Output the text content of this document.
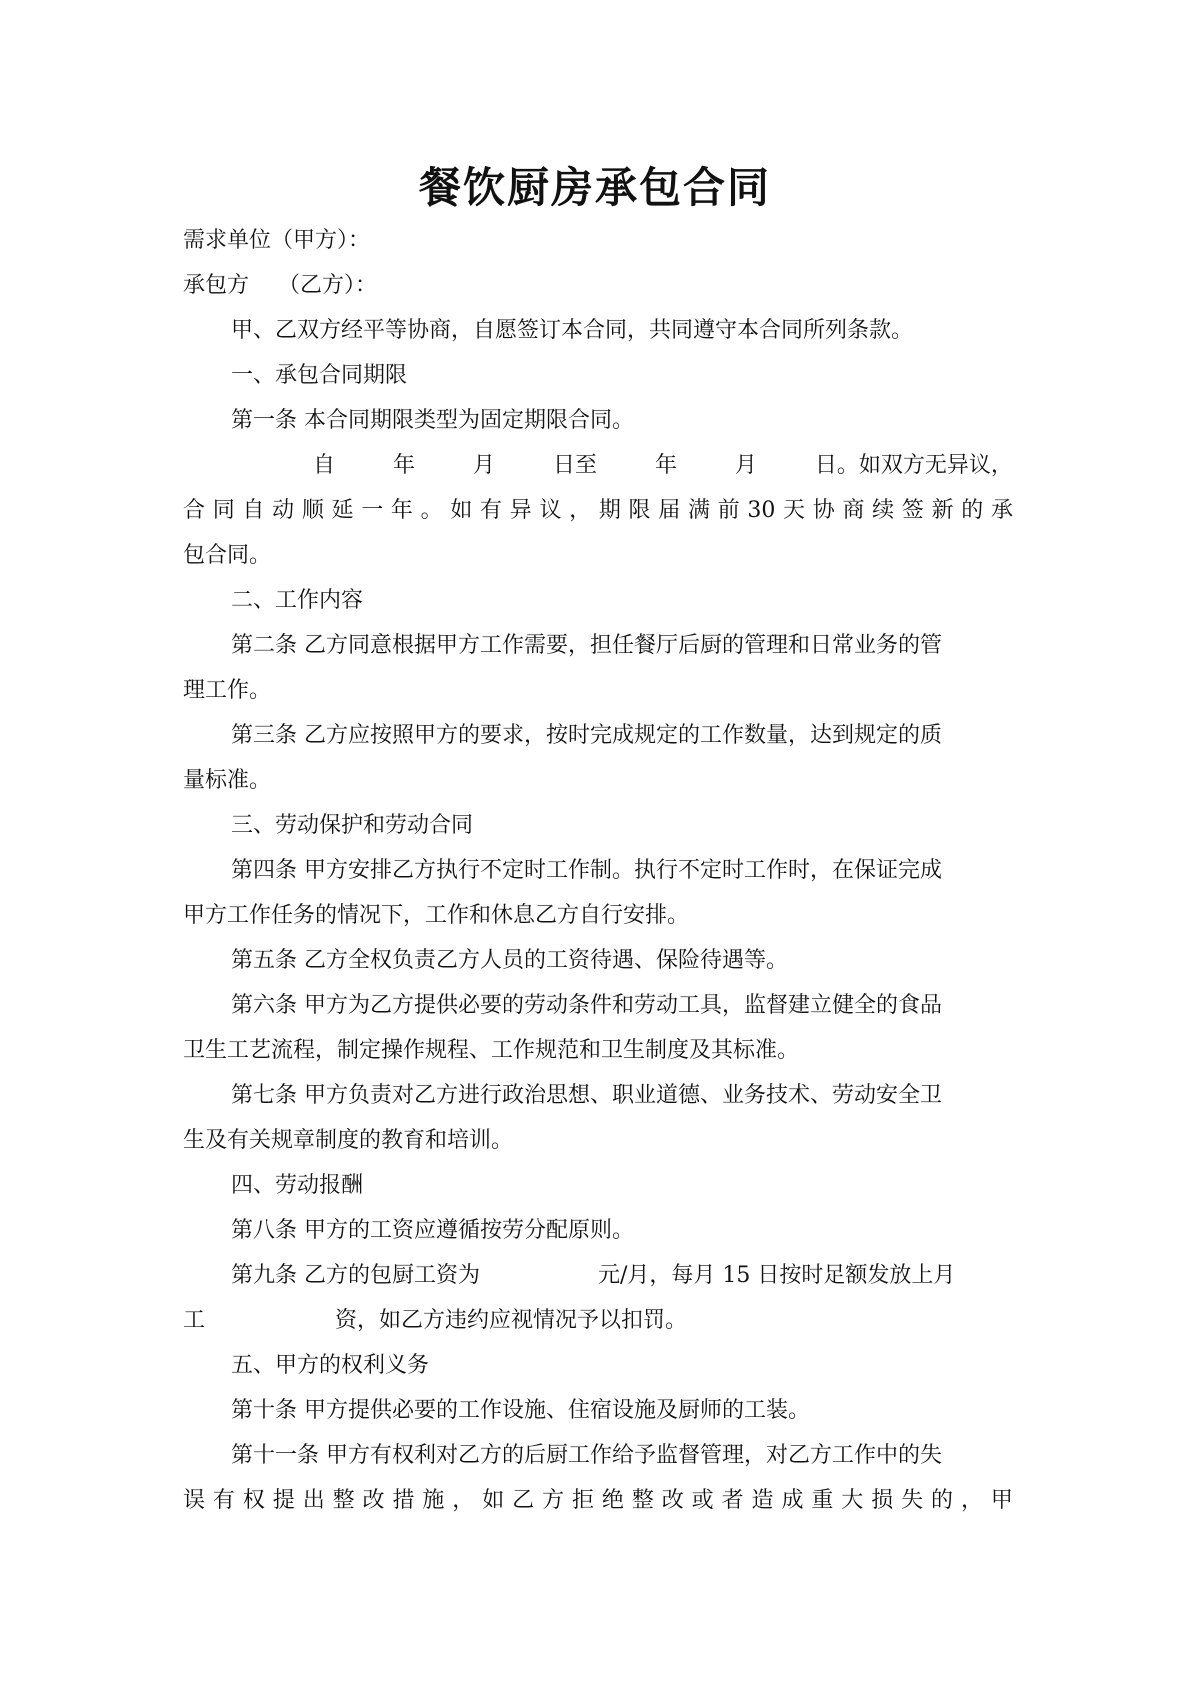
餐饮厨房承包合同

需求单位（甲方）：

承包方　 （乙方）：

甲、乙双方经平等协商，自愿签订本合同，共同遵守本合同所列条款。

一、承包合同期限

第一条 本合同期限类型为固定期限合同。

自	年	月	日至	年	月	日。如双方无异议，

合 同 自 动 顺 延 一 年 。 如 有 异 议 ， 期 限 届 满 前 30 天 协 商 续 签 新 的 承

包合同。

二、工作内容

第二条 乙方同意根据甲方工作需要，担任餐厅后厨的管理和日常业务的管

理工作。

第三条 乙方应按照甲方的要求，按时完成规定的工作数量，达到规定的质

量标准。

三、劳动保护和劳动合同

第四条 甲方安排乙方执行不定时工作制。执行不定时工作时，在保证完成

甲方工作任务的情况下，工作和休息乙方自行安排。

第五条 乙方全权负责乙方人员的工资待遇、保险待遇等。

第六条 甲方为乙方提供必要的劳动条件和劳动工具，监督建立健全的食品

卫生工艺流程，制定操作规程、工作规范和卫生制度及其标准。

第七条 甲方负责对乙方进行政治思想、职业道德、业务技术、劳动安全卫

生及有关规章制度的教育和培训。

四、劳动报酬

第八条 甲方的工资应遵循按劳分配原则。

第九条 乙方的包厨工资为	元/月，每月 15 日按时足额发放上月

工	资，如乙方违约应视情况予以扣罚。

五、甲方的权利义务

第十条 甲方提供必要的工作设施、住宿设施及厨师的工装。

第十一条 甲方有权利对乙方的后厨工作给予监督管理，对乙方工作中的失

误 有 权 提 出 整 改 措 施 ， 如 乙 方 拒 绝 整 改 或 者 造 成 重 大 损 失 的 ， 甲
